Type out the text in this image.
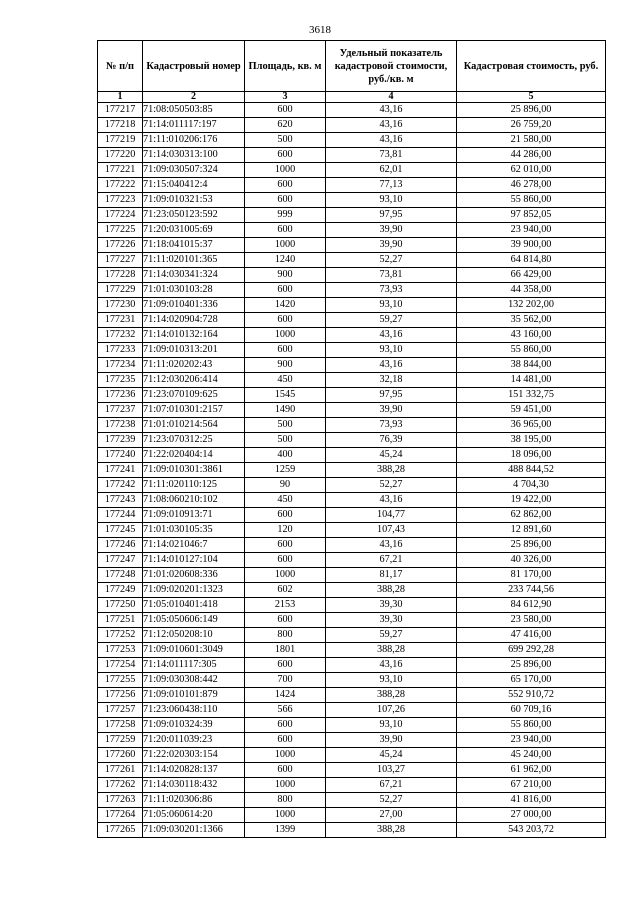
3618
№ п/п	Кадастровый номер	Площадь, кв. м	Удельный показатель кадастровой стоимости, руб./кв. м	Кадастровая стоимость, руб.
1	2	3	4	5
177217	71:08:050503:85	600	43,16	25 896,00
177218	71:14:011117:197	620	43,16	26 759,20
177219	71:11:010206:176	500	43,16	21 580,00
177220	71:14:030313:100	600	73,81	44 286,00
177221	71:09:030507:324	1000	62,01	62 010,00
177222	71:15:040412:4	600	77,13	46 278,00
177223	71:09:010321:53	600	93,10	55 860,00
177224	71:23:050123:592	999	97,95	97 852,05
177225	71:20:031005:69	600	39,90	23 940,00
177226	71:18:041015:37	1000	39,90	39 900,00
177227	71:11:020101:365	1240	52,27	64 814,80
177228	71:14:030341:324	900	73,81	66 429,00
177229	71:01:030103:28	600	73,93	44 358,00
177230	71:09:010401:336	1420	93,10	132 202,00
177231	71:14:020904:728	600	59,27	35 562,00
177232	71:14:010132:164	1000	43,16	43 160,00
177233	71:09:010313:201	600	93,10	55 860,00
177234	71:11:020202:43	900	43,16	38 844,00
177235	71:12:030206:414	450	32,18	14 481,00
177236	71:23:070109:625	1545	97,95	151 332,75
177237	71:07:010301:2157	1490	39,90	59 451,00
177238	71:01:010214:564	500	73,93	36 965,00
177239	71:23:070312:25	500	76,39	38 195,00
177240	71:22:020404:14	400	45,24	18 096,00
177241	71:09:010301:3861	1259	388,28	488 844,52
177242	71:11:020110:125	90	52,27	4 704,30
177243	71:08:060210:102	450	43,16	19 422,00
177244	71:09:010913:71	600	104,77	62 862,00
177245	71:01:030105:35	120	107,43	12 891,60
177246	71:14:021046:7	600	43,16	25 896,00
177247	71:14:010127:104	600	67,21	40 326,00
177248	71:01:020608:336	1000	81,17	81 170,00
177249	71:09:020201:1323	602	388,28	233 744,56
177250	71:05:010401:418	2153	39,30	84 612,90
177251	71:05:050606:149	600	39,30	23 580,00
177252	71:12:050208:10	800	59,27	47 416,00
177253	71:09:010601:3049	1801	388,28	699 292,28
177254	71:14:011117:305	600	43,16	25 896,00
177255	71:09:030308:442	700	93,10	65 170,00
177256	71:09:010101:879	1424	388,28	552 910,72
177257	71:23:060438:110	566	107,26	60 709,16
177258	71:09:010324:39	600	93,10	55 860,00
177259	71:20:011039:23	600	39,90	23 940,00
177260	71:22:020303:154	1000	45,24	45 240,00
177261	71:14:020828:137	600	103,27	61 962,00
177262	71:14:030118:432	1000	67,21	67 210,00
177263	71:11:020306:86	800	52,27	41 816,00
177264	71:05:060614:20	1000	27,00	27 000,00
177265	71:09:030201:1366	1399	388,28	543 203,72
